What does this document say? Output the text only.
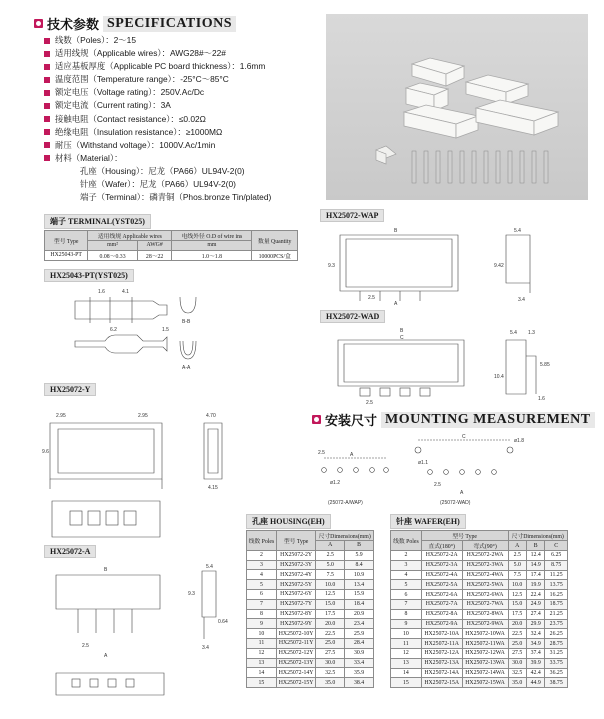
技术参数 SPECIFICATIONS
线数（Poles）：2～15
适用线规（Applicable wires）：AWG28#～22#
适应基板厚度（Applicable PC board thickness）：1.6mm
温度范围（Temperature range）：-25°C～85°C
额定电压（Voltage rating）：250V.Ac/Dc
额定电流（Current rating）：3A
接触电阻（Contact resistance）：≤0.02Ω
绝缘电阻（Insulation resistance）：≥1000MΩ
耐压（Withstand voltage）：1000V.Ac/1min
材料（Material）：
孔座（Housing）：尼龙（PA66）UL94V-2(0)
针座（Wafer）：尼龙（PA66）UL94V-2(0)
端子（Terminal）：磷青铜（Phos.bronze Tin/plated)
端子 TERMINAL(YST025)
型号 Type	适用线规 Applicable wires		电线外径 O.D of wire ins	数量 Quantity
	mm²	AWG#	mm	
HX25043-PT	0.08～0.33	28～22	1.0～1.8	10000PCS/盒
HX25043-PT(YST025)
1.6	4.1
6.2	1.5
B-B
A-A
HX25072-Y
2.95	2.95	4.70
9.6
4.15
HX25072-A
B
2.5
A
5.4
9.3
0.64
3.4
HX25072-WAP
B
9.3
2.5
A
5.4
9.42
3.4
HX25072-WAD
B
C
2.5
5.4 1.3
5.85
10.4
1.6
安装尺寸 MOUNTING MEASUREMENT
2.5	A
ø1.2
C
ø1.8
ø1.1
2.5
A
(25072-A/WAP)	(25072-WAD)
孔座
HOUSING(EH)
线数 Poles	型号 Type	尺寸Dimensions(mm)	
		A	B
2	HX25072-2Y	2.5	5.9
3	HX25072-3Y	5.0	8.4
4	HX25072-4Y	7.5	10.9
5	HX25072-5Y	10.0	13.4
6	HX25072-6Y	12.5	15.9
7	HX25072-7Y	15.0	18.4
8	HX25072-8Y	17.5	20.9
9	HX25072-9Y	20.0	23.4
10	HX25072-10Y	22.5	25.9
11	HX25072-11Y	25.0	28.4
12	HX25072-12Y	27.5	30.9
13	HX25072-13Y	30.0	33.4
14	HX25072-14Y	32.5	35.9
15	HX25072-15Y	35.0	38.4
针座
WAFER(EH)
线数 Poles	型号 Type		尺寸Dimensions(mm)		
	直式(180°)	弯式(90°)	A	B	C
2	HX25072-2A	HX25072-2WA	2.5	12.4	6.25
3	HX25072-3A	HX25072-3WA	5.0	14.9	8.75
4	HX25072-4A	HX25072-4WA	7.5	17.4	11.25
5	HX25072-5A	HX25072-5WA	10.0	19.9	13.75
6	HX25072-6A	HX25072-6WA	12.5	22.4	16.25
7	HX25072-7A	HX25072-7WA	15.0	24.9	18.75
8	HX25072-8A	HX25072-8WA	17.5	27.4	21.25
9	HX25072-9A	HX25072-9WA	20.0	29.9	23.75
10	HX25072-10A	HX25072-10WA	22.5	32.4	26.25
11	HX25072-11A	HX25072-11WA	25.0	34.9	28.75
12	HX25072-12A	HX25072-12WA	27.5	37.4	31.25
13	HX25072-13A	HX25072-13WA	30.0	39.9	33.75
14	HX25072-14A	HX25072-14WA	32.5	42.4	36.25
15	HX25072-15A	HX25072-15WA	35.0	44.9	38.75
